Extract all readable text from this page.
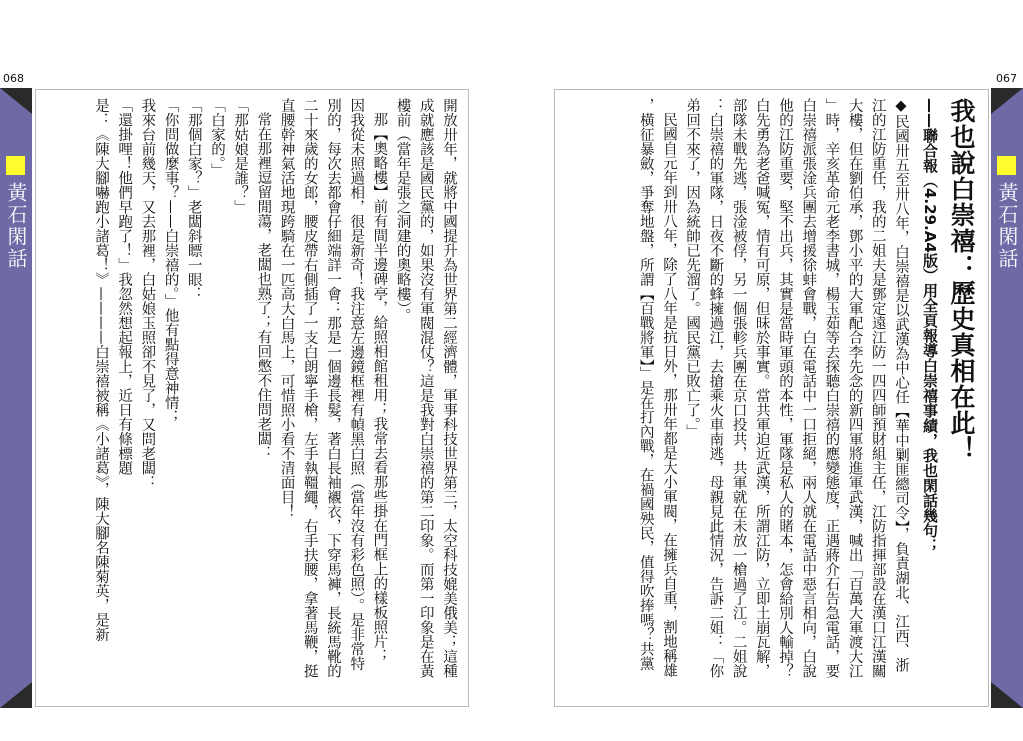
068
黃石閑話	開放卅年，就將中國提升為世界第二經濟體，軍事科技世界第三，太空科技媲美俄美；這種
成就應該是國民黨的，如果沒有軍閥混仗？這是我對白崇禧的第二印象。而第一印象是在黃
樓前（當年是張之洞建的奧略樓）。
那【奧略樓】前有間半邊碑亭，給照相館租用；我常去看那些掛在門框上的樣板照片；
因我從未照過相，很是新奇！我注意左邊鏡框裡有幀黑白照（當年沒有彩色照）。是非常特
別的，每次去都會仔細端詳一會：那是一個邊長髮，著白長袖襯衣，下穿馬褲，長統馬靴的
二十來歲的女郎，腰皮帶右側插了一支白朗寧手槍，左手執韁繩，右手扶腰，拿著馬鞭，挺
直腰幹神氣活地現跨騎在一匹高大白馬上，可惜照小看不清面目！
常在那裡逗留閒蕩，老闆也熟了；有回憋不住問老闆：
「那姑娘是誰？」
「白家的。」
「那個白家？」老闆斜瞟一眼：
「你問做麼事？——白崇禧的。」他有點得意神情；
我來台前幾天，又去那裡，白姑娘玉照卻不見了，又問老闆：
「還掛哩！他們早跑了！」我忽然想起報上，近日有條標題
是：《陳大腳嚇跑小諸葛！》————白崇禧被稱《小諸葛》，陳大腳名陳菊英，是新
067
我也說白崇禧：歷史真相在此！
——聯合報（4.29.A4版）用全頁報導白崇禧事績，我也閑話幾句；
◆民國卅五至卅八年，白崇禧是以武漢為中心任【華中剿匪總司令】，負責湖北、江西、浙
江的江防重任，我的二姐夫是鄧定遠江防一四四師預財組主任，江防指揮部設在漢口江漢關
大樓，但在劉伯承，鄧小平的大軍配合李先念的新四軍將進軍武漢，喊出「百萬大軍渡大江
」時，辛亥革命元老李書城，楊玉茹等去探聽白崇禧的應變態度，正遇蔣介石告急電話，要
白崇禧派張淦兵團去增援徐蚌會戰，白在電話中一口拒絕，兩人就在電話中惡言相向，白說
他的江防重要，堅不出兵，其實是當時軍頭的本性，軍隊是私人的賭本，怎會給別人輸掉？
白先勇為老爸喊冤，情有可原，但昧於事實。當共軍迫近武漢，所謂江防，立即土崩瓦解，
部隊未戰先逃，張淦被俘，另一個張軫兵團在京口投共，共軍就在未放一槍過了江。二姐說
：白崇禧的軍隊，日夜不斷的蜂擁過江，去搶乘火車南逃，母親見此情況，告訴二姐：「你
弟回不來了，因為統帥已先溜了。國民黨已敗亡了。」
民國自元年到卅八年，除了八年是抗日外，那卅年都是大小軍閥，在擁兵自重，割地稱雄
，橫征暴斂，爭奪地盤，所謂【百戰將軍】」是在打內戰，在禍國殃民，值得吹捧嗎？共黨	黃石閑話
